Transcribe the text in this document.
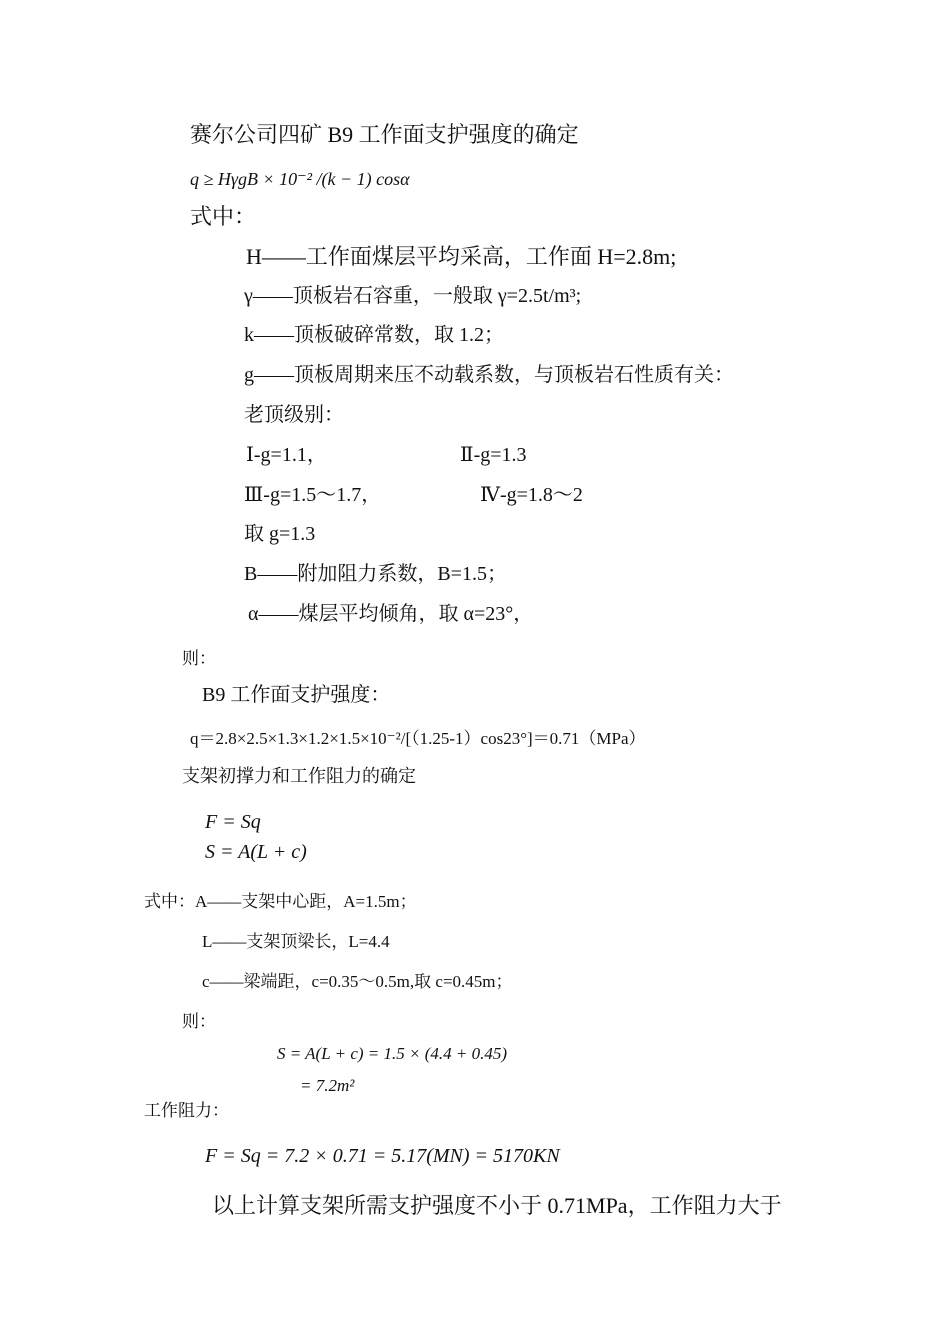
赛尔公司四矿 B9 工作面支护强度的确定
q ≥ HγgB × 10⁻² /(k − 1) cosα
式中：
H——工作面煤层平均采高，工作面 H=2.8m;
γ——顶板岩石容重，一般取 γ=2.5t/m³;
k——顶板破碎常数，取 1.2；
g——顶板周期来压不动载系数，与顶板岩石性质有关：
老顶级别：
Ⅰ-g=1.1，	Ⅱ-g=1.3
Ⅲ-g=1.5～1.7，	Ⅳ-g=1.8～2
取 g=1.3
B——附加阻力系数，B=1.5；
α——煤层平均倾角，取 α=23°，
则：
B9 工作面支护强度：
q＝2.8×2.5×1.3×1.2×1.5×10⁻²/[（1.25-1）cos23°]＝0.71（MPa）
支架初撑力和工作阻力的确定
F = Sq
S = A(L + c)
式中：A——支架中心距，A=1.5m；
L——支架顶梁长，L=4.4
c——梁端距，c=0.35～0.5m,取 c=0.45m；
则：
S = A(L + c) = 1.5 × (4.4 + 0.45)
= 7.2m²
工作阻力：
F = Sq = 7.2 × 0.71 = 5.17(MN) = 5170KN
以上计算支架所需支护强度不小于 0.71MPa，工作阻力大于
